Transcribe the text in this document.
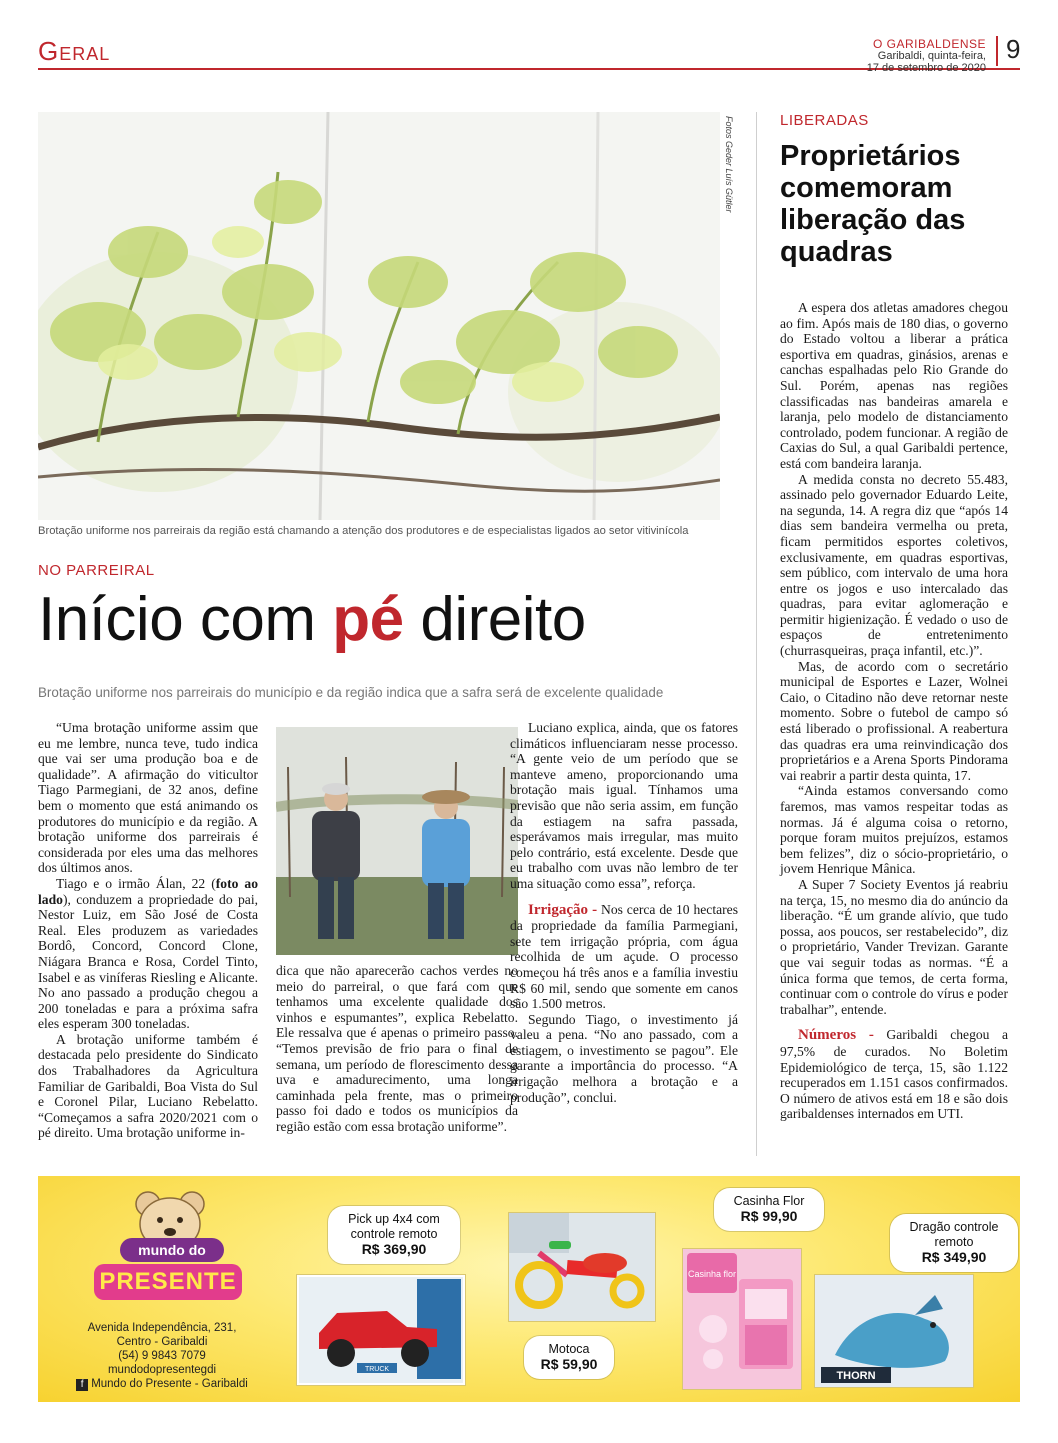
Geral	O GARIBALDENSE
Garibaldi, quinta-feira,
17 de setembro de 2020
9
Fotos Geder Luís Gütler
Brotação uniforme nos parreirais da região está chamando a atenção dos produtores e de especialistas ligados ao setor vitivinícola
NO PARREIRAL
Início com pé direito
Brotação uniforme nos parreirais do município e da região indica que a safra será de excelente qualidade

“Uma brotação uniforme assim que eu me lembre, nunca teve, tudo indica que vai ser uma produção boa e de qualidade”. A afirmação do viticultor Tiago Parmegiani, de 32 anos, define bem o momento que está animando os produtores do município e da região. A brotação uniforme dos parreirais é considerada por eles uma das melhores dos últimos anos.

Tiago e o irmão Álan, 22 (foto ao lado), conduzem a propriedade do pai, Nestor Luiz, em São José de Costa Real. Eles produzem as variedades Bordô, Concord, Concord Clone, Niágara Branca e Rosa, Cordel Tinto, Isabel e as viníferas Riesling e Alicante. No ano passado a produção chegou a 200 toneladas e para a próxima safra eles esperam 300 toneladas.

A brotação uniforme também é destacada pelo presidente do Sindicato dos Trabalhadores da Agricultura Familiar de Garibaldi, Boa Vista do Sul e Coronel Pilar, Luciano Rebelatto. “Começamos a safra 2020/2021 com o pé direito. Uma brotação uniforme in-

dica que não aparecerão cachos verdes no meio do parreiral, o que fará com que tenhamos uma excelente qualidade dos vinhos e espumantes”, explica Rebelatto. Ele ressalva que é apenas o primeiro passo. “Temos previsão de frio para o final de semana, um período de florescimento dessa uva e amadurecimento, uma longa caminhada pela frente, mas o primeiro passo foi dado e todos os municípios da região estão com essa brotação uniforme”.

Luciano explica, ainda, que os fatores climáticos influenciaram nesse processo. “A gente veio de um período que se manteve ameno, proporcionando uma brotação mais igual. Tínhamos uma previsão que não seria assim, em função da estiagem na safra passada, esperávamos mais irregular, mas muito pelo contrário, está excelente. Desde que eu trabalho com uvas não lembro de ter uma situação como essa”, reforça.

Irrigação - Nos cerca de 10 hectares da propriedade da família Parmegiani, sete tem irrigação própria, com água recolhida de um açude. O processo começou há três anos e a família investiu R$ 60 mil, sendo que somente em canos são 1.500 metros.

Segundo Tiago, o investimento já valeu a pena. “No ano passado, com a estiagem, o investimento se pagou”. Ele garante a importância do processo. “A irrigação melhora a brotação e a produção”, conclui.

LIBERADAS
Proprietários comemoram liberação das quadras

A espera dos atletas amadores chegou ao fim. Após mais de 180 dias, o governo do Estado voltou a liberar a prática esportiva em quadras, ginásios, arenas e canchas espalhadas pelo Rio Grande do Sul. Porém, apenas nas regiões classificadas nas bandeiras amarela e laranja, pelo modelo de distanciamento controlado, podem funcionar. A região de Caxias do Sul, a qual Garibaldi pertence, está com bandeira laranja.

A medida consta no decreto 55.483, assinado pelo governador Eduardo Leite, na segunda, 14. A regra diz que “após 14 dias sem bandeira vermelha ou preta, ficam permitidos esportes coletivos, exclusivamente, em quadras esportivas, sem público, com intervalo de uma hora entre os jogos e uso intercalado das quadras, para evitar aglomeração e permitir higienização. É vedado o uso de espaços de entretenimento (churrasqueiras, praça infantil, etc.)”.

Mas, de acordo com o secretário municipal de Esportes e Lazer, Wolnei Caio, o Citadino não deve retornar neste momento. Sobre o futebol de campo só está liberado o profissional. A reabertura das quadras era uma reinvindicação dos proprietários e a Arena Sports Pindorama vai reabrir a partir desta quinta, 17.

“Ainda estamos conversando como faremos, mas vamos respeitar todas as normas. Já é alguma coisa o retorno, porque foram muitos prejuízos, estamos bem felizes”, diz o sócio-proprietário, o jovem Henrique Mânica.

A Super 7 Society Eventos já reabriu na terça, 15, no mesmo dia do anúncio da liberação. “É um grande alívio, que tudo possa, aos poucos, ser restabelecido”, diz o proprietário, Vander Trevizan. Garante que vai seguir todas as normas. “É a única forma que temos, de certa forma, continuar com o controle do vírus e poder trabalhar”, entende.

Números - Garibaldi chegou a 97,5% de curados. No Boletim Epidemiológico de terça, 15, são 1.122 recuperados em 1.151 casos confirmados. O número de ativos está em 18 e são dois garibaldenses internados em UTI.

mundo do
PRESENTE
Avenida Independência, 231,
Centro - Garibaldi
(54) 9 9843 7079
mundodopresentegdi
f Mundo do Presente - Garibaldi
TRUCK
Pick up 4x4 com controle remoto
R$ 369,90
Motoca
R$ 59,90
Casinha flor
Casinha Flor
R$ 99,90
THORN
Dragão controle remoto
R$ 349,90
